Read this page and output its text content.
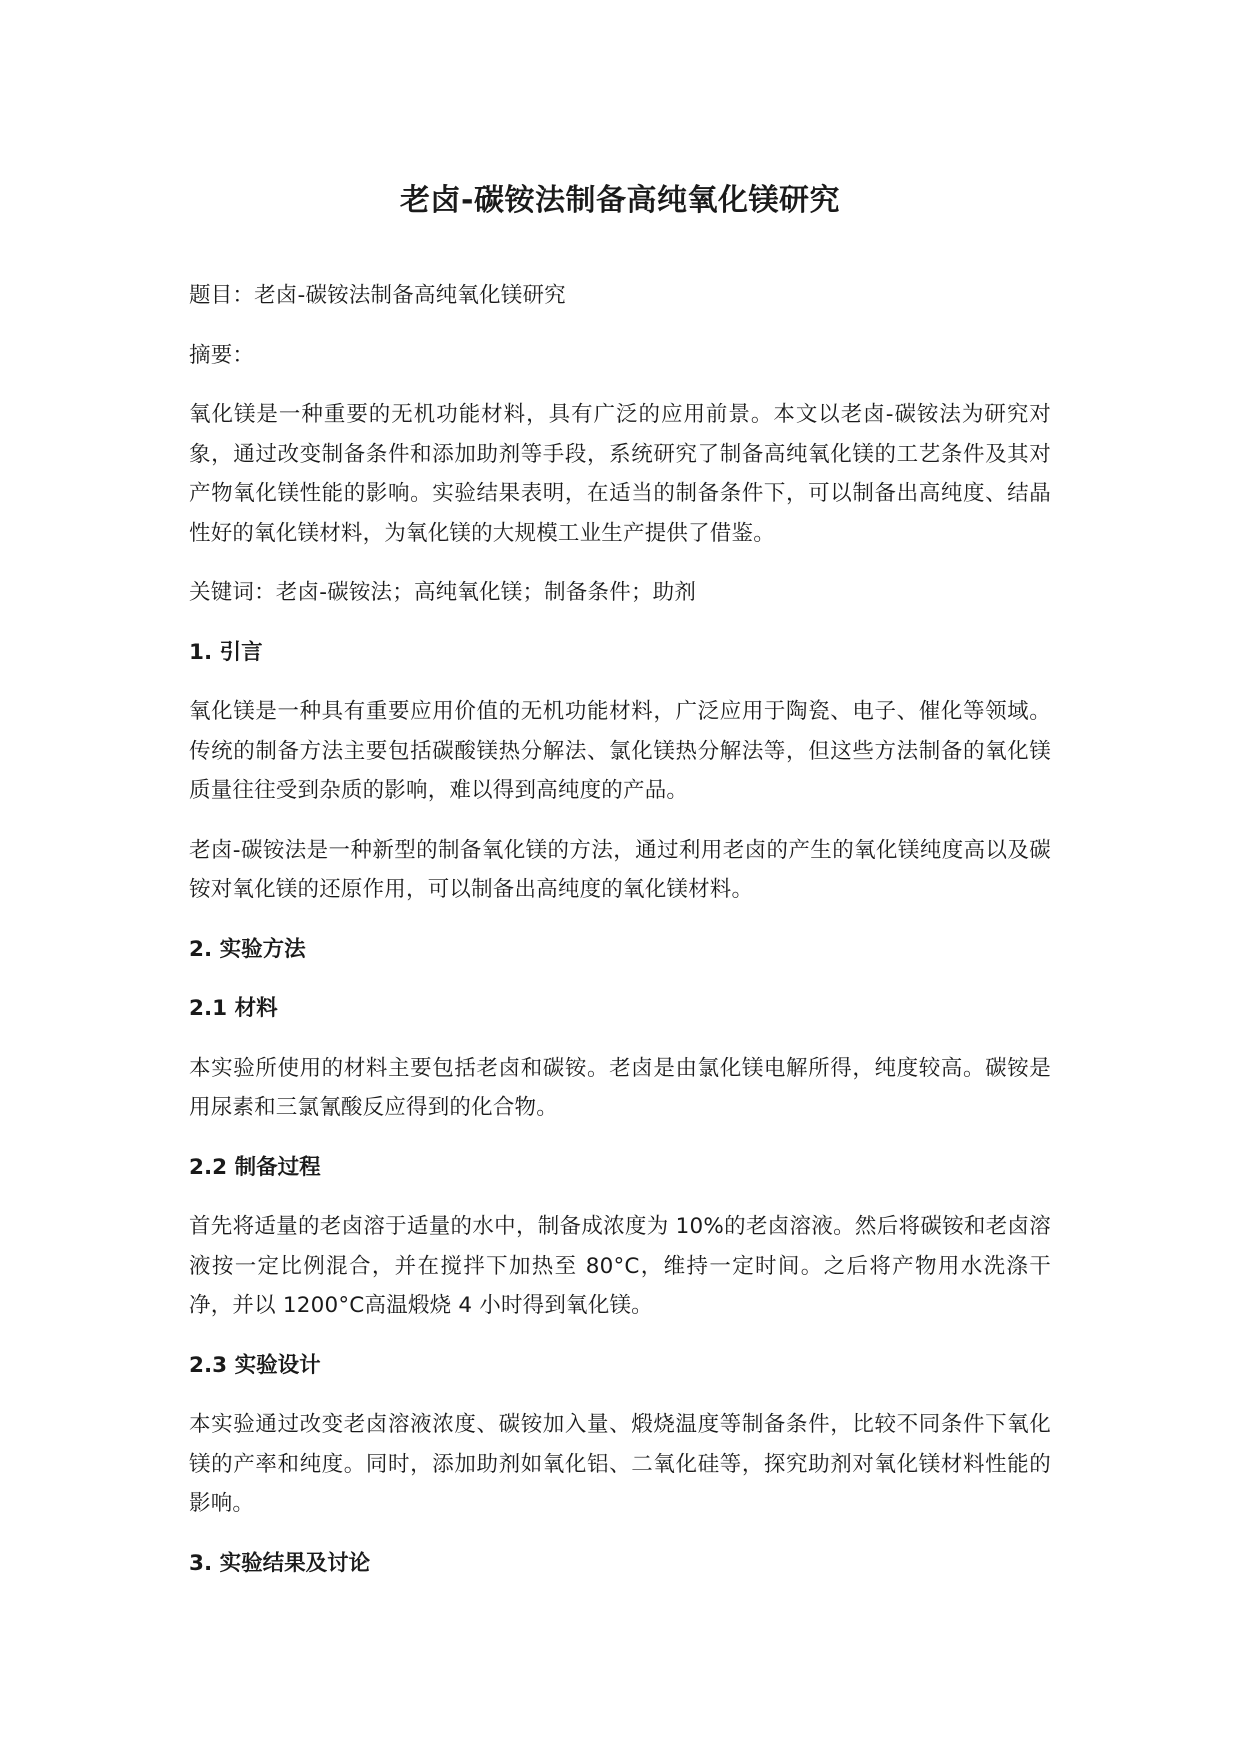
老卤-碳铵法制备高纯氧化镁研究

题目：老卤-碳铵法制备高纯氧化镁研究

摘要：

氧化镁是一种重要的无机功能材料，具有广泛的应用前景。本文以老卤-碳铵法为研究对象，通过改变制备条件和添加助剂等手段，系统研究了制备高纯氧化镁的工艺条件及其对产物氧化镁性能的影响。实验结果表明，在适当的制备条件下，可以制备出高纯度、结晶性好的氧化镁材料，为氧化镁的大规模工业生产提供了借鉴。

关键词：老卤-碳铵法；高纯氧化镁；制备条件；助剂

1. 引言

氧化镁是一种具有重要应用价值的无机功能材料，广泛应用于陶瓷、电子、催化等领域。传统的制备方法主要包括碳酸镁热分解法、氯化镁热分解法等，但这些方法制备的氧化镁质量往往受到杂质的影响，难以得到高纯度的产品。

老卤-碳铵法是一种新型的制备氧化镁的方法，通过利用老卤的产生的氧化镁纯度高以及碳铵对氧化镁的还原作用，可以制备出高纯度的氧化镁材料。

2. 实验方法
2.1 材料

本实验所使用的材料主要包括老卤和碳铵。老卤是由氯化镁电解所得，纯度较高。碳铵是用尿素和三氯氰酸反应得到的化合物。

2.2 制备过程

首先将适量的老卤溶于适量的水中，制备成浓度为 10%的老卤溶液。然后将碳铵和老卤溶液按一定比例混合，并在搅拌下加热至 80°C，维持一定时间。之后将产物用水洗涤干净，并以 1200°C高温煅烧 4 小时得到氧化镁。

2.3 实验设计

本实验通过改变老卤溶液浓度、碳铵加入量、煅烧温度等制备条件，比较不同条件下氧化镁的产率和纯度。同时，添加助剂如氧化铝、二氧化硅等，探究助剂对氧化镁材料性能的影响。

3. 实验结果及讨论
